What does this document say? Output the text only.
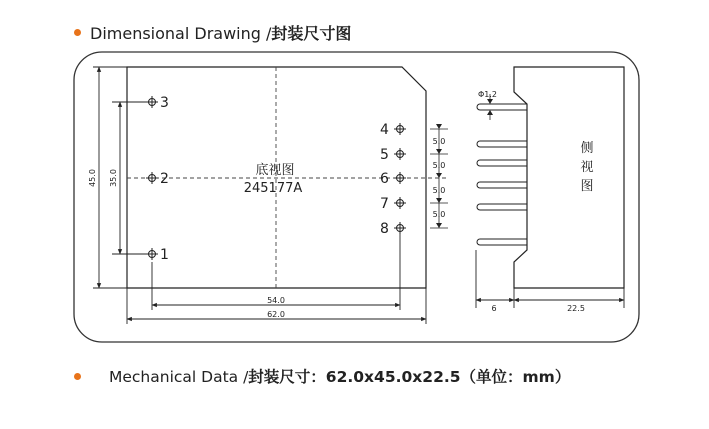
Dimensional Drawing /封装尺寸图
底视图
245177A
3
2
1
4
5
6
7
8
5.0
5.0
5.0
5.0
45.0 35.0
54.0
62.0
Φ1.2
侧
视
图
6	22.5
Mechanical Data /封装尺寸：62.0x45.0x22.5（单位：mm）
